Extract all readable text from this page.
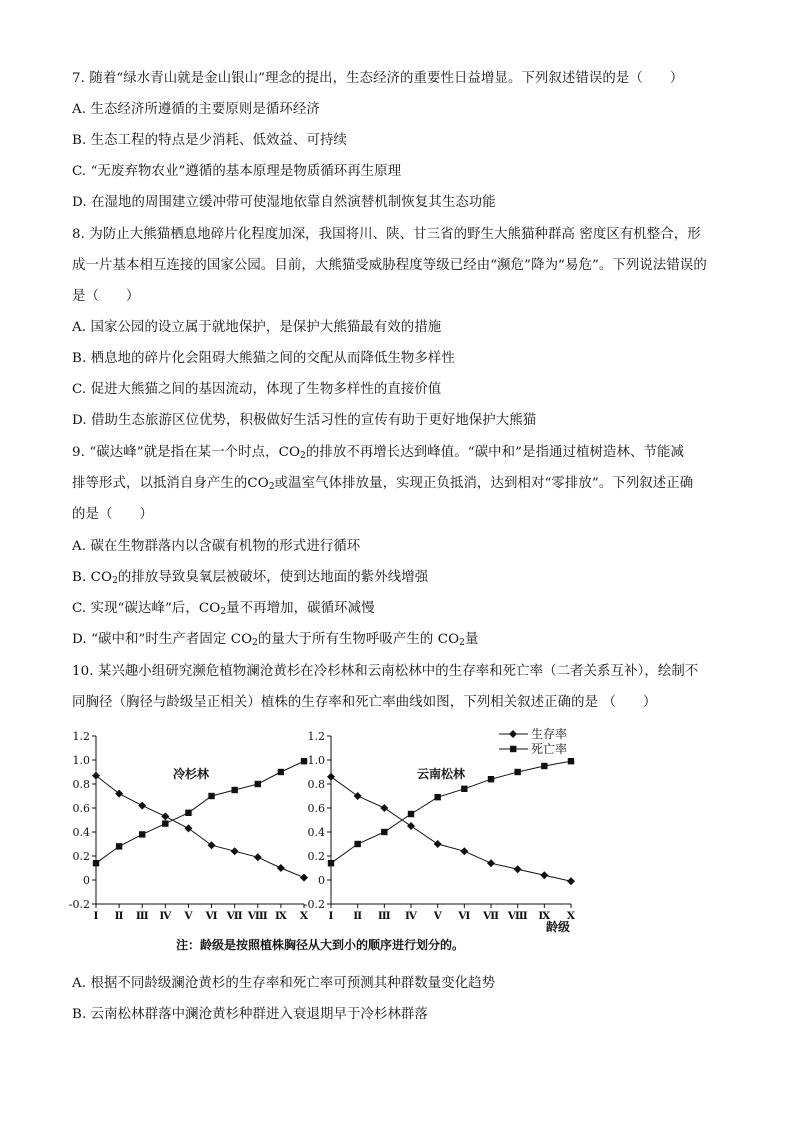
7. 随着“绿水青山就是金山银山”理念的提出，生态经济的重要性日益增显。下列叙述错误的是（　　）
A. 生态经济所遵循的主要原则是循环经济
B. 生态工程的特点是少消耗、低效益、可持续
C. “无废弃物农业”遵循的基本原理是物质循环再生原理
D. 在湿地的周围建立缓冲带可使湿地依靠自然演替机制恢复其生态功能
8. 为防止大熊猫栖息地碎片化程度加深，我国将川、陕、甘三省的野生大熊猫种群高 密度区有机整合，形
成一片基本相互连接的国家公园。目前，大熊猫受威胁程度等级已经由“濒危”降为“易危”。下列说法错误的
是（　　）
A. 国家公园的设立属于就地保护，是保护大熊猫最有效的措施
B. 栖息地的碎片化会阻碍大熊猫之间的交配从而降低生物多样性
C. 促进大熊猫之间的基因流动，体现了生物多样性的直接价值
D. 借助生态旅游区位优势，积极做好生活习性的宣传有助于更好地保护大熊猫
9. “碳达峰”就是指在某一个时点，$CO_2$的排放不再增长达到峰值。“碳中和”是指通过植树造林、节能减
排等形式，以抵消自身产生的$CO_2$或温室气体排放量，实现正负抵消，达到相对“零排放”。下列叙述正确
的是（　　）
A. 碳在生物群落内以含碳有机物的形式进行循环
B. $CO_2$的排放导致臭氧层被破坏，使到达地面的紫外线增强
C. 实现“碳达峰”后，$CO_2$量不再增加，碳循环减慢
D. “碳中和”时生产者固定 $CO_2$的量大于所有生物呼吸产生的 $CO_2$量
10. 某兴趣小组研究濒危植物澜沧黄杉在冷杉林和云南松林中的生存率和死亡率（二者关系互补），绘制不
同胸径（胸径与龄级呈正相关）植株的生存率和死亡率曲线如图，下列相关叙述正确的是 （　　）
1.2
1.0
0.8
0.6
0.4
0.2
0
-0.2
Ⅰ Ⅱ Ⅲ Ⅳ Ⅴ Ⅵ Ⅶ Ⅷ Ⅸ Ⅹ
冷杉林
1.2
1.0
0.8
0.6
0.4
0.2
0
-0.2
Ⅰ Ⅱ Ⅲ Ⅳ Ⅴ Ⅵ Ⅶ Ⅷ Ⅸ Ⅹ
云南松林
龄级
生存率
死亡率
注：龄级是按照植株胸径从大到小的顺序进行划分的。
A. 根据不同龄级澜沧黄杉的生存率和死亡率可预测其种群数量变化趋势
B. 云南松林群落中澜沧黄杉种群进入衰退期早于冷杉林群落
